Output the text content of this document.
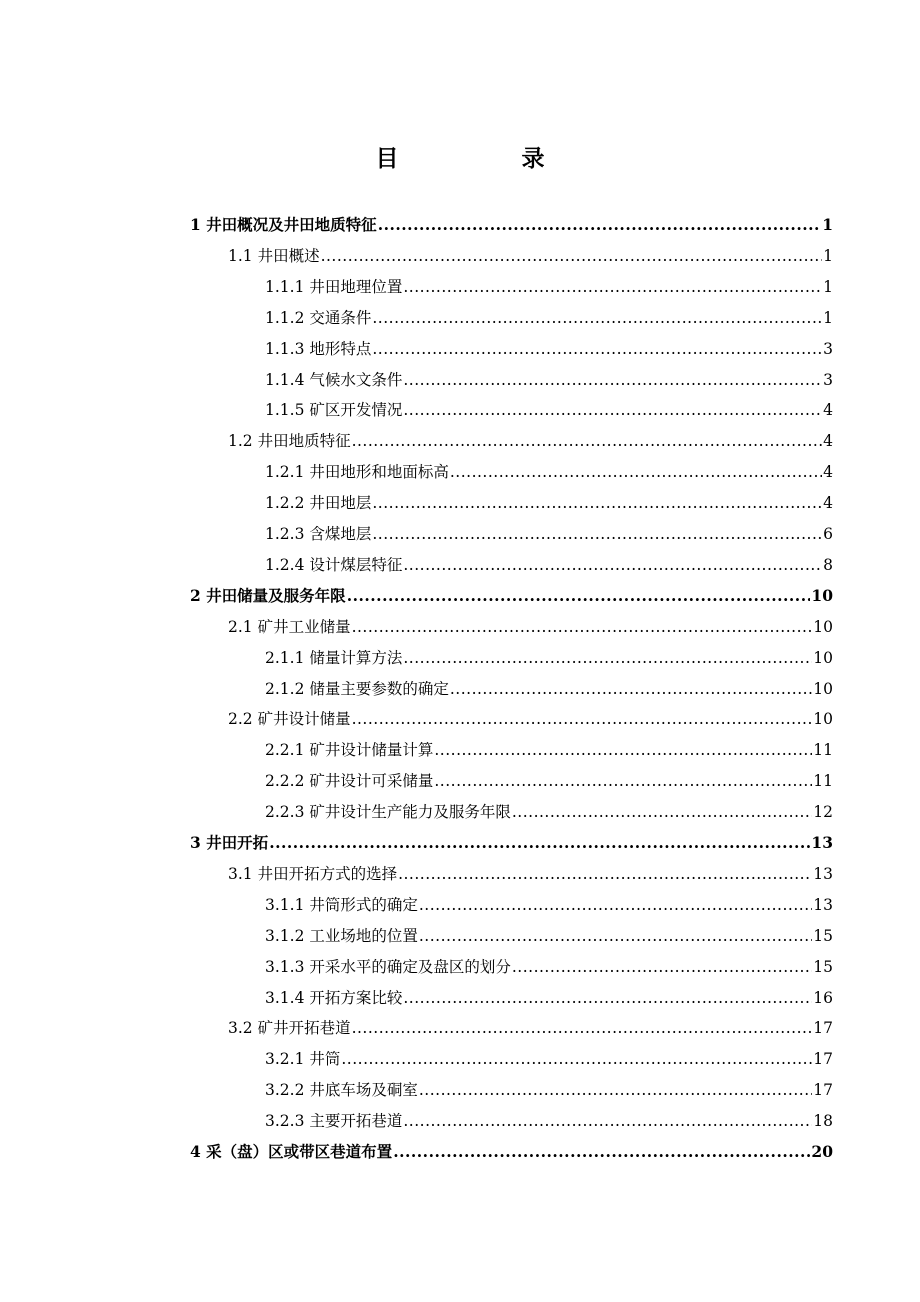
目　录
1 井田概况及井田地质特征 .....	1
1.1 井田概述 .....	1
1.1.1 井田地理位置 .....	1
1.1.2 交通条件 .....	1
1.1.3 地形特点 .....	3
1.1.4 气候水文条件 .....	3
1.1.5 矿区开发情况 .....	4
1.2 井田地质特征 .....	4
1.2.1 井田地形和地面标高 .....	4
1.2.2 井田地层 .....	4
1.2.3 含煤地层 .....	6
1.2.4 设计煤层特征 .....	8
2 井田储量及服务年限 .....	10
2.1 矿井工业储量 .....	10
2.1.1 储量计算方法 .....	10
2.1.2 储量主要参数的确定 .....	10
2.2 矿井设计储量 .....	10
2.2.1 矿井设计储量计算 .....	11
2.2.2 矿井设计可采储量 .....	11
2.2.3 矿井设计生产能力及服务年限 .....	12
3 井田开拓 .....	13
3.1 井田开拓方式的选择 .....	13
3.1.1 井筒形式的确定 .....	13
3.1.2 工业场地的位置 .....	15
3.1.3 开采水平的确定及盘区的划分 .....	15
3.1.4 开拓方案比较 .....	16
3.2 矿井开拓巷道 .....	17
3.2.1 井筒 .....	17
3.2.2 井底车场及硐室 .....	17
3.2.3 主要开拓巷道 .....	18
4 采（盘）区或带区巷道布置 .....	20
